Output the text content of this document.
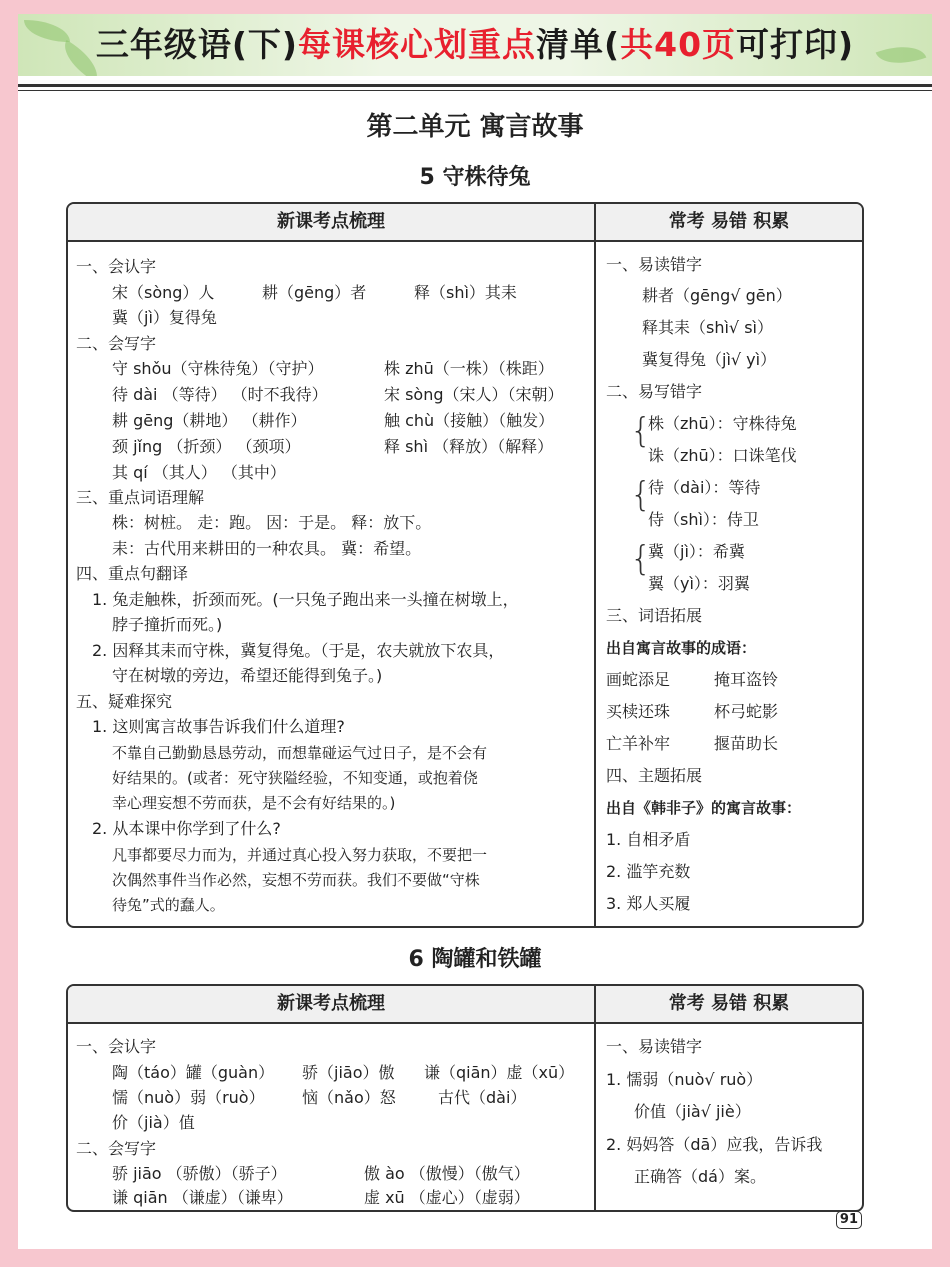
三年级语(下)每课核心划重点清单(共40页可打印)
第二单元 寓言故事
5 守株待兔
新课考点梳理	常考 易错 积累
一、会认字
宋（sòng）人	耕（gēng）者	释（shì）其耒
冀（jì）复得兔
二、会写字
守 shǒu（守株待兔）（守护）	株 zhū（一株）（株距）
待 dài （等待） （时不我待）	宋 sòng（宋人）（宋朝）
耕 gēng（耕地） （耕作）	触 chù（接触）（触发）
颈 jǐng （折颈） （颈项）	释 shì （释放）（解释）
其 qí （其人） （其中）
三、重点词语理解
株：树桩。 走：跑。 因：于是。 释：放下。
耒：古代用来耕田的一种农具。 冀：希望。
四、重点句翻译
1. 兔走触株，折颈而死。(一只兔子跑出来一头撞在树墩上，
脖子撞折而死。)
2. 因释其耒而守株，冀复得兔。（于是，农夫就放下农具，
守在树墩的旁边，希望还能得到兔子。)
五、疑难探究
1. 这则寓言故事告诉我们什么道理?
不靠自己勤勤恳恳劳动，而想靠碰运气过日子，是不会有
好结果的。(或者：死守狭隘经验，不知变通，或抱着侥
幸心理妄想不劳而获，是不会有好结果的。)
2. 从本课中你学到了什么?
凡事都要尽力而为，并通过真心投入努力获取，不要把一
次偶然事件当作必然，妄想不劳而获。我们不要做“守株
待兔”式的蠢人。
一、易读错字
耕者（gēng√ gēn）
释其耒（shì√ sì）
冀复得兔（jì√ yì）
二、易写错字
{
株（zhū）：守株待兔
诛（zhū）：口诛笔伐
{
待（dài）：等待
侍（shì）：侍卫
{
冀（jì）：希冀
翼（yì）：羽翼
三、词语拓展
出自寓言故事的成语：
画蛇添足	掩耳盗铃
买椟还珠	杯弓蛇影
亡羊补牢	揠苗助长
四、主题拓展
出自《韩非子》的寓言故事：
1. 自相矛盾
2. 滥竽充数
3. 郑人买履
6 陶罐和铁罐
新课考点梳理	常考 易错 积累
一、会认字
陶（táo）罐（guàn） 骄（jiāo）傲 谦（qiān）虚（xū）
懦（nuò）弱（ruò） 恼（nǎo）怒	古代（dài）
价（jià）值
二、会写字
骄 jiāo （骄傲）（骄子）	傲 ào （傲慢）（傲气）
谦 qiān （谦虚）（谦卑）	虚 xū （虚心）（虚弱）
一、易读错字
1. 懦弱（nuò√ ruò）
价值（jià√ jiè）
2. 妈妈答（dā）应我，告诉我
正确答（dá）案。
91
